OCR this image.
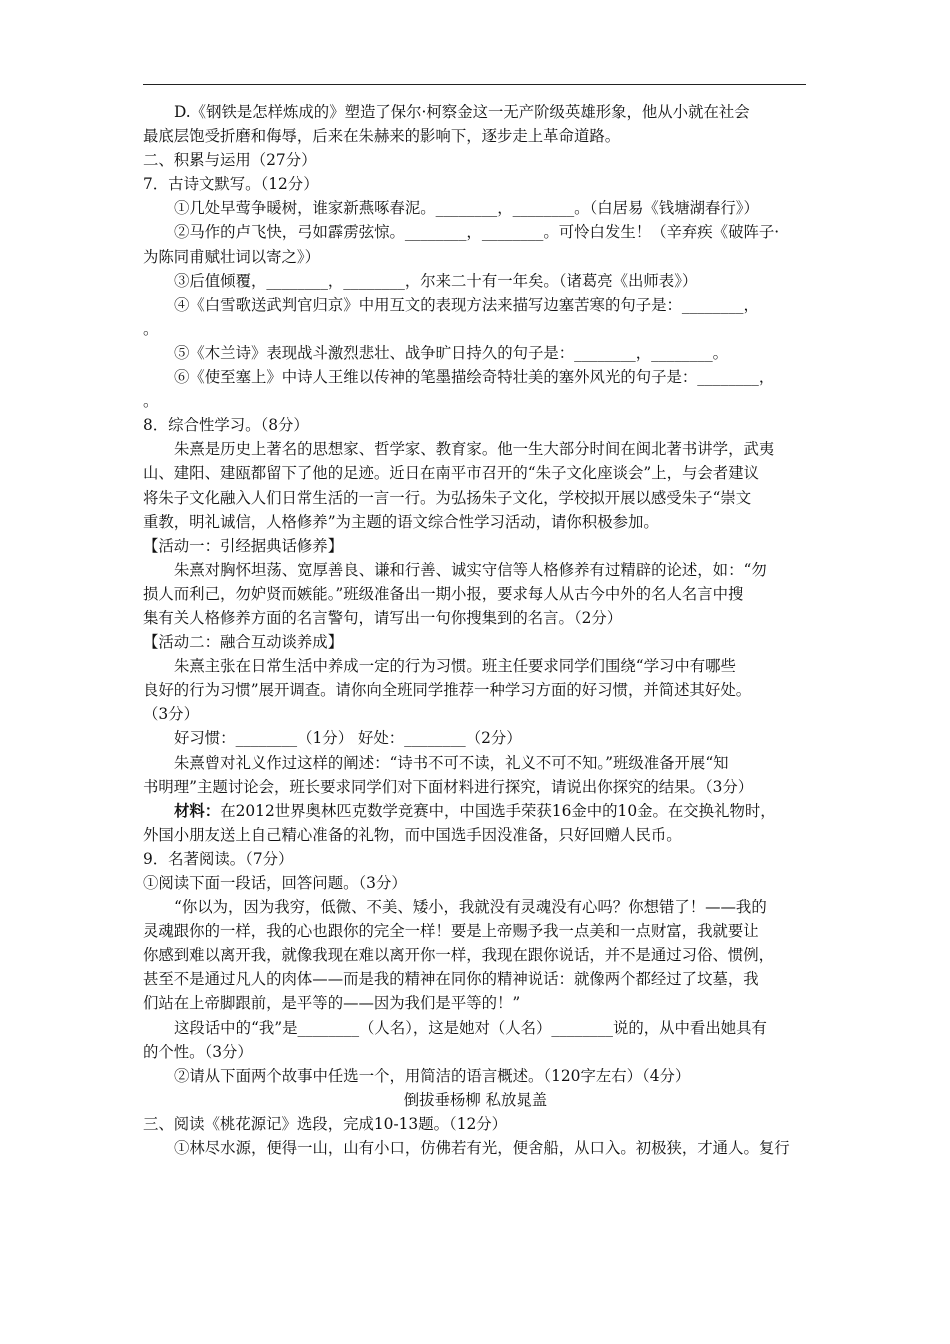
D.《钢铁是怎样炼成的》塑造了保尔·柯察金这一无产阶级英雄形象，他从小就在社会
最底层饱受折磨和侮辱，后来在朱赫来的影响下，逐步走上革命道路。
二、积累与运用（27分）
7．古诗文默写。（12分）
①几处早莺争暖树，谁家新燕啄春泥。________，________。（白居易《钱塘湖春行》）
②马作的卢飞快，弓如霹雳弦惊。________，________。可怜白发生！（辛弃疾《破阵子·
为陈同甫赋壮词以寄之》）
③后值倾覆，________，________，尔来二十有一年矣。（诸葛亮《出师表》）
④《白雪歌送武判官归京》中用互文的表现方法来描写边塞苦寒的句子是：________，
。
⑤《木兰诗》表现战斗激烈悲壮、战争旷日持久的句子是：________，________。
⑥《使至塞上》中诗人王维以传神的笔墨描绘奇特壮美的塞外风光的句子是：________，
。
8．综合性学习。（8分）
朱熹是历史上著名的思想家、哲学家、教育家。他一生大部分时间在闽北著书讲学，武夷
山、建阳、建瓯都留下了他的足迹。近日在南平市召开的“朱子文化座谈会”上，与会者建议
将朱子文化融入人们日常生活的一言一行。为弘扬朱子文化，学校拟开展以感受朱子“崇文
重教，明礼诚信，人格修养”为主题的语文综合性学习活动，请你积极参加。
【活动一：引经据典话修养】
朱熹对胸怀坦荡、宽厚善良、谦和行善、诚实守信等人格修养有过精辟的论述，如：“勿
损人而利己，勿妒贤而嫉能。”班级准备出一期小报，要求每人从古今中外的名人名言中搜
集有关人格修养方面的名言警句，请写出一句你搜集到的名言。（2分）
【活动二：融合互动谈养成】
朱熹主张在日常生活中养成一定的行为习惯。班主任要求同学们围绕“学习中有哪些
良好的行为习惯”展开调查。请你向全班同学推荐一种学习方面的好习惯，并简述其好处。
（3分）
好习惯：________（1分） 好处：________（2分）
朱熹曾对礼义作过这样的阐述：“诗书不可不读，礼义不可不知。”班级准备开展“知
书明理”主题讨论会，班长要求同学们对下面材料进行探究，请说出你探究的结果。（3分）
材料：在2012世界奥林匹克数学竞赛中，中国选手荣获16金中的10金。在交换礼物时，
外国小朋友送上自己精心准备的礼物，而中国选手因没准备，只好回赠人民币。
9．名著阅读。（7分）
①阅读下面一段话，回答问题。（3分）
“你以为，因为我穷，低微、不美、矮小，我就没有灵魂没有心吗？你想错了！——我的
灵魂跟你的一样，我的心也跟你的完全一样！要是上帝赐予我一点美和一点财富，我就要让
你感到难以离开我，就像我现在难以离开你一样，我现在跟你说话，并不是通过习俗、惯例，
甚至不是通过凡人的肉体——而是我的精神在同你的精神说话：就像两个都经过了坟墓，我
们站在上帝脚跟前，是平等的——因为我们是平等的！”
这段话中的“我”是________（人名），这是她对（人名）________说的，从中看出她具有
的个性。（3分）
②请从下面两个故事中任选一个，用简洁的语言概述。（120字左右）（4分）
倒拔垂杨柳 私放晁盖
三、阅读《桃花源记》选段，完成10-13题。（12分）
①林尽水源，便得一山，山有小口，仿佛若有光，便舍船，从口入。初极狭，才通人。复行
